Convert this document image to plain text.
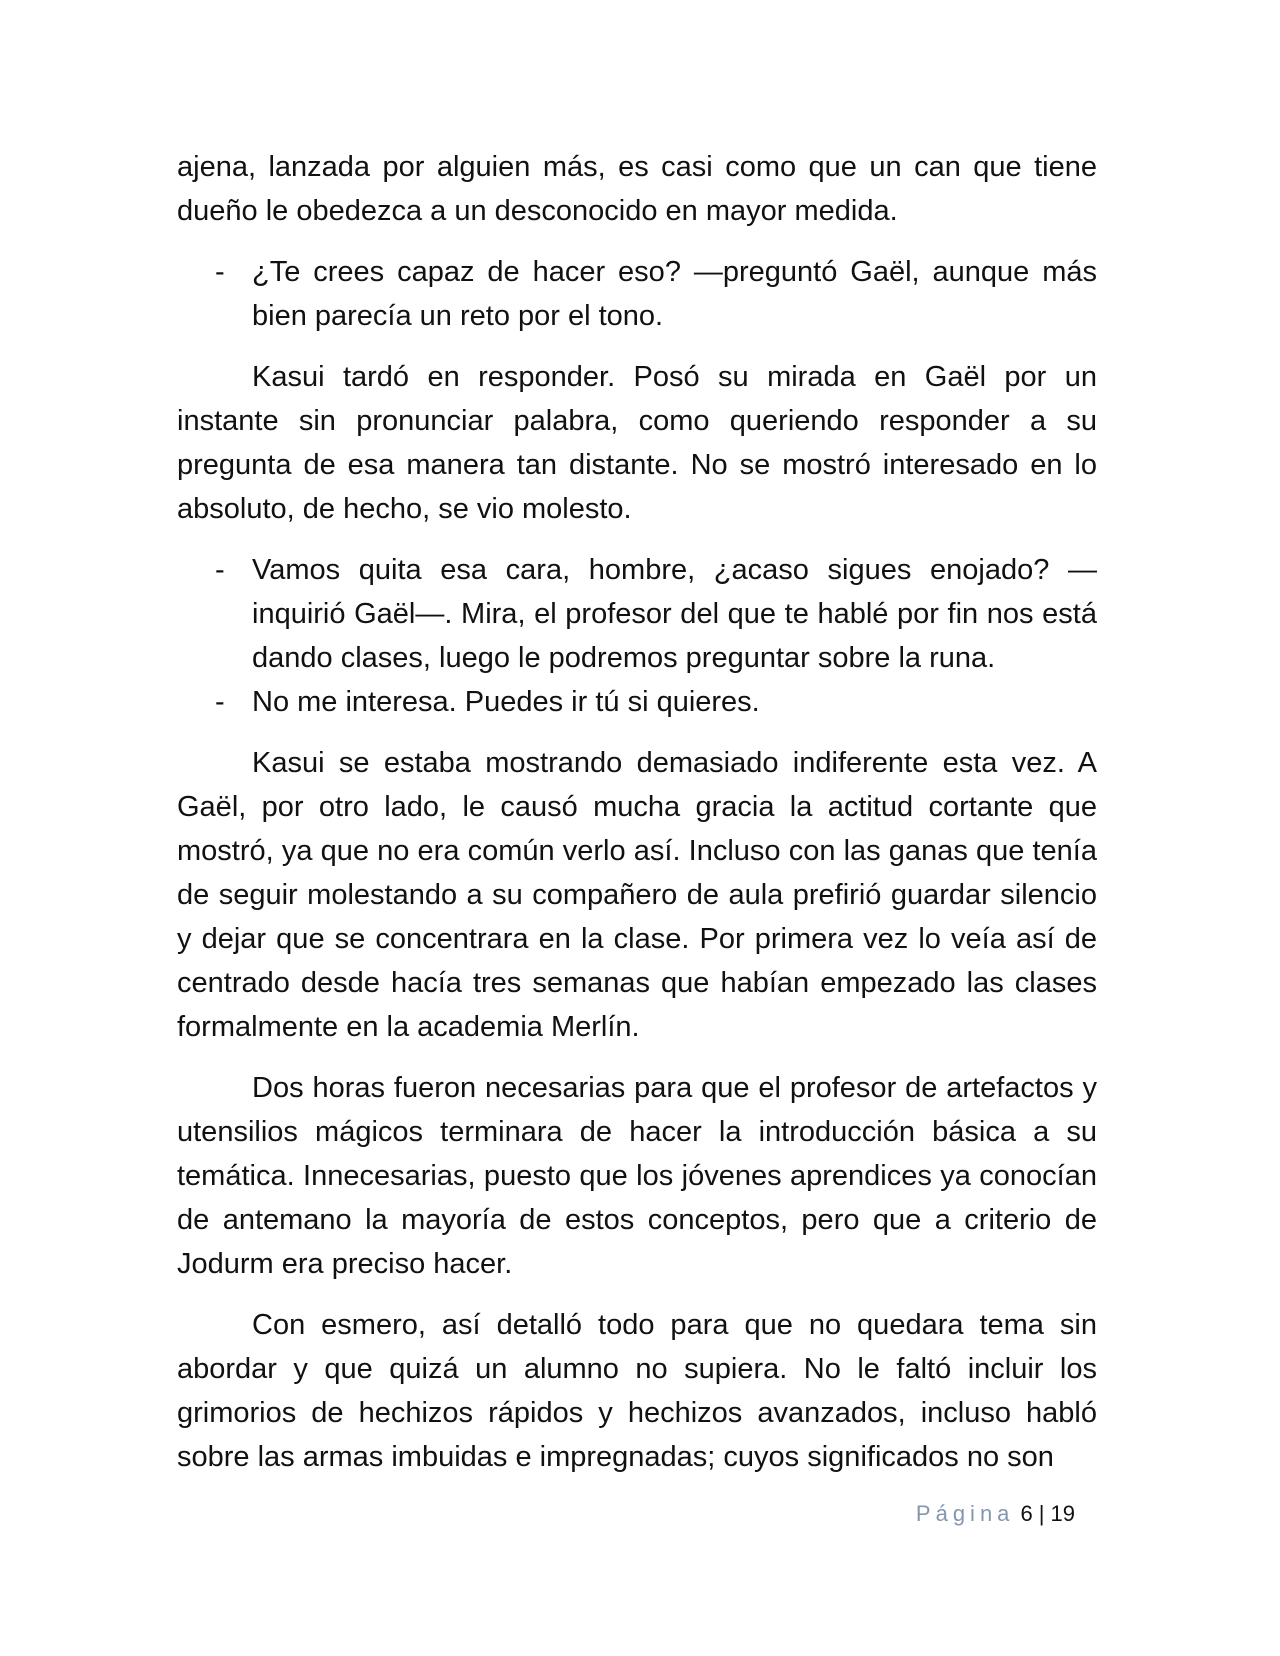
ajena, lanzada por alguien más, es casi como que un can que tiene dueño le obedezca a un desconocido en mayor medida.

- ¿Te crees capaz de hacer eso? —preguntó Gaël, aunque más bien parecía un reto por el tono.

Kasui tardó en responder. Posó su mirada en Gaël por un instante sin pronunciar palabra, como queriendo responder a su pregunta de esa manera tan distante. No se mostró interesado en lo absoluto, de hecho, se vio molesto.

- Vamos quita esa cara, hombre, ¿acaso sigues enojado? —inquirió Gaël—. Mira, el profesor del que te hablé por fin nos está dando clases, luego le podremos preguntar sobre la runa.
- No me interesa. Puedes ir tú si quieres.

Kasui se estaba mostrando demasiado indiferente esta vez. A Gaël, por otro lado, le causó mucha gracia la actitud cortante que mostró, ya que no era común verlo así. Incluso con las ganas que tenía de seguir molestando a su compañero de aula prefirió guardar silencio y dejar que se concentrara en la clase. Por primera vez lo veía así de centrado desde hacía tres semanas que habían empezado las clases formalmente en la academia Merlín.

Dos horas fueron necesarias para que el profesor de artefactos y utensilios mágicos terminara de hacer la introducción básica a su temática. Innecesarias, puesto que los jóvenes aprendices ya conocían de antemano la mayoría de estos conceptos, pero que a criterio de Jodurm era preciso hacer.

Con esmero, así detalló todo para que no quedara tema sin abordar y que quizá un alumno no supiera. No le faltó incluir los grimorios de hechizos rápidos y hechizos avanzados, incluso habló sobre las armas imbuidas e impregnadas; cuyos significados no son

Página 6 | 19
